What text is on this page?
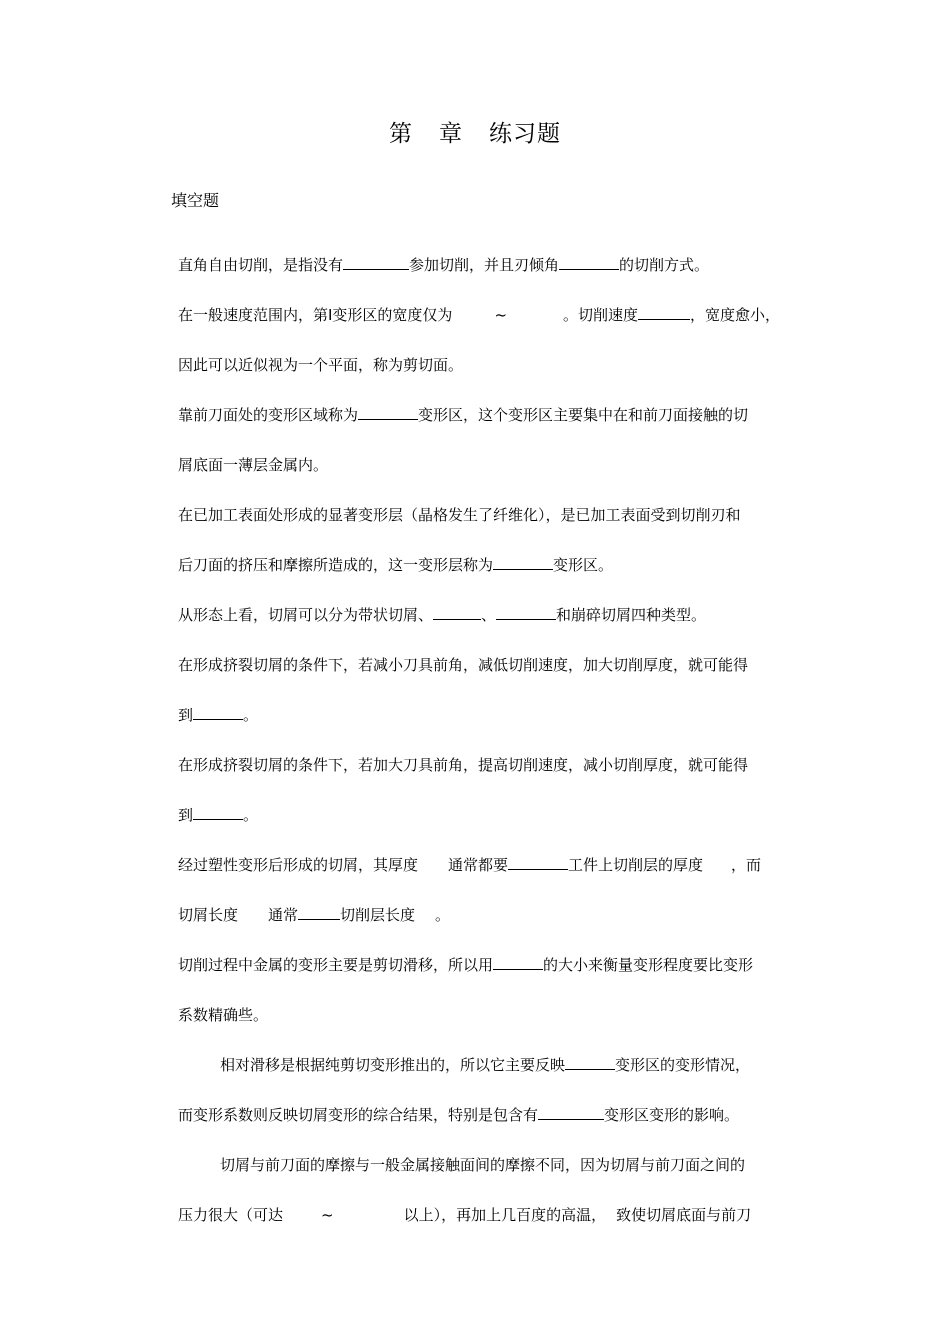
第 章 练习题
填空题
直角自由切削，是指没有	参加切削，并且刃倾角	的切削方式。
在一般速度范围内，第Ⅰ变形区的宽度仅为	~	。切削速度	，宽度愈小，
因此可以近似视为一个平面，称为剪切面。
靠前刀面处的变形区域称为	变形区，这个变形区主要集中在和前刀面接触的切
屑底面一薄层金属内。
在已加工表面处形成的显著变形层（晶格发生了纤维化），是已加工表面受到切削刃和
后刀面的挤压和摩擦所造成的，这一变形层称为	变形区。
从形态上看，切屑可以分为带状切屑、	、	和崩碎切屑四种类型。
在形成挤裂切屑的条件下，若减小刀具前角，减低切削速度，加大切削厚度，就可能得
到	。
在形成挤裂切屑的条件下，若加大刀具前角，提高切削速度，减小切削厚度，就可能得
到	。
经过塑性变形后形成的切屑，其厚度 通常都要	工件上切削层的厚度 ，而
切屑长度 通常	切削层长度 。
切削过程中金属的变形主要是剪切滑移，所以用	的大小来衡量变形程度要比变形
系数精确些。
相对滑移是根据纯剪切变形推出的，所以它主要反映	变形区的变形情况，
而变形系数则反映切屑变形的综合结果，特别是包含有	变形区变形的影响。
切屑与前刀面的摩擦与一般金属接触面间的摩擦不同，因为切屑与前刀面之间的
压力很大（可达	~	以上），再加上几百度的高温， 致使切屑底面与前刀
